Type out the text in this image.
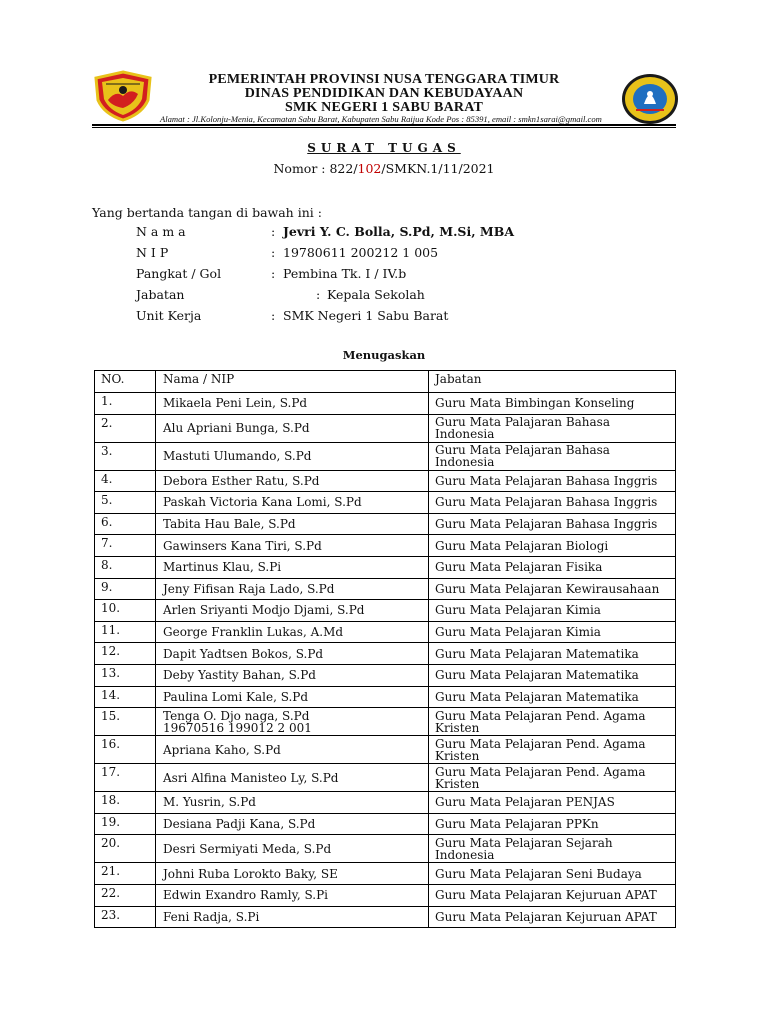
PEMERINTAH PROVINSI NUSA TENGGARA TIMUR
DINAS PENDIDIKAN DAN KEBUDAYAAN
SMK NEGERI 1 SABU BARAT
Alamat : Jl.Kolonju-Menia, Kecamatan Sabu Barat, Kabupaten Sabu Raijua Kode Pos : 85391, email : smkn1sarai@gmail.com
SURAT TUGAS
Nomor : 822/102/SMKN.1/11/2021
Yang bertanda tangan di bawah ini :
N a m a	: Jevri Y. C. Bolla, S.Pd, M.Si, MBA
N I P	: 19780611 200212 1 005
Pangkat / Gol	: Pembina Tk. I / IV.b
Jabatan	: Kepala Sekolah
Unit Kerja	: SMK Negeri 1 Sabu Barat
Menugaskan
NO.	Nama / NIP	Jabatan
1.	Mikaela Peni Lein, S.Pd	Guru Mata Bimbingan Konseling

2.	Alu Apriani Bunga, S.Pd	Guru Mata Palajaran Bahasa
Indonesia

3.	Mastuti Ulumando, S.Pd	Guru Mata Pelajaran Bahasa
Indonesia

4.	Debora Esther Ratu, S.Pd	Guru Mata Pelajaran Bahasa Inggris

5.	Paskah Victoria Kana Lomi, S.Pd	Guru Mata Pelajaran Bahasa Inggris

6.	Tabita Hau Bale, S.Pd	Guru Mata Pelajaran Bahasa Inggris

7.	Gawinsers Kana Tiri, S.Pd	Guru Mata Pelajaran Biologi

8.	Martinus Klau, S.Pi	Guru Mata Pelajaran Fisika

9.	Jeny Fifisan Raja Lado, S.Pd	Guru Mata Pelajaran Kewirausahaan

10.	Arlen Sriyanti Modjo Djami, S.Pd	Guru Mata Pelajaran Kimia

11.	George Franklin Lukas, A.Md	Guru Mata Pelajaran Kimia

12.	Dapit Yadtsen Bokos, S.Pd	Guru Mata Pelajaran Matematika

13.	Deby Yastity Bahan, S.Pd	Guru Mata Pelajaran Matematika

14.	Paulina Lomi Kale, S.Pd	Guru Mata Pelajaran Matematika

15.	Tenga O. Djo naga, S.Pd
19670516 199012 2 001	Guru Mata Pelajaran Pend. Agama
Kristen

16.	Apriana Kaho, S.Pd	Guru Mata Pelajaran Pend. Agama
Kristen

17.	Asri Alfina Manisteo Ly, S.Pd	Guru Mata Pelajaran Pend. Agama
Kristen

18.	M. Yusrin, S.Pd	Guru Mata Pelajaran PENJAS

19.	Desiana Padji Kana, S.Pd	Guru Mata Pelajaran PPKn

20.	Desri Sermiyati Meda, S.Pd	Guru Mata Pelajaran Sejarah
Indonesia

21.	Johni Ruba Lorokto Baky, SE	Guru Mata Pelajaran Seni Budaya

22.	Edwin Exandro Ramly, S.Pi	Guru Mata Pelajaran Kejuruan APAT

23.	Feni Radja, S.Pi	Guru Mata Pelajaran Kejuruan APAT
